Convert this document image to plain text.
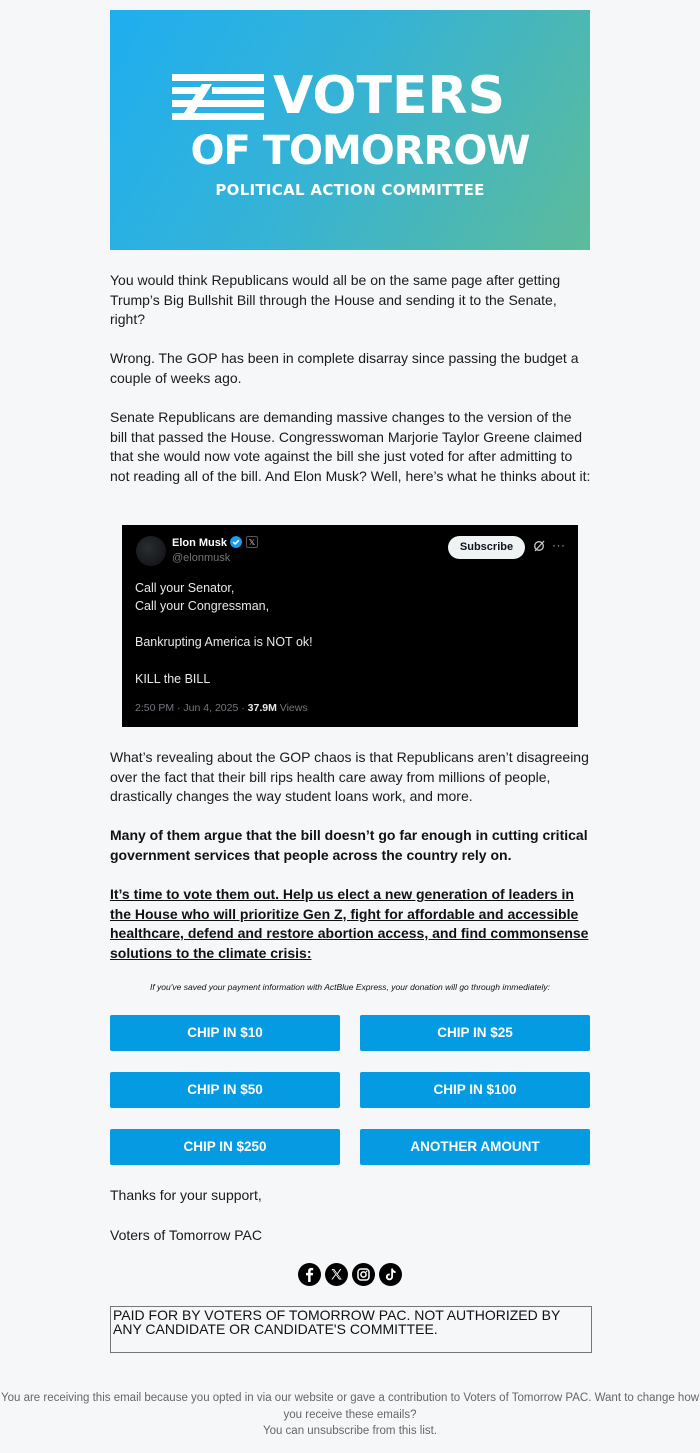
VOTERS
OF TOMORROW
POLITICAL ACTION COMMITTEE

You would think Republicans would all be on the same page after getting Trump’s Big Bullshit Bill through the House and sending it to the Senate, right?

Wrong. The GOP has been in complete disarray since passing the budget a couple of weeks ago.

Senate Republicans are demanding massive changes to the version of the bill that passed the House. Congresswoman Marjorie Taylor Greene claimed that she would now vote against the bill she just voted for after admitting to not reading all of the bill. And Elon Musk? Well, here’s what he thinks about it:

Elon Musk	𝕏
@elonmusk
Subscribe	···
Call your Senator,
Call your Congressman,
Bankrupting America is NOT ok!
KILL the BILL
2:50 PM · Jun 4, 2025 · 37.9M Views

What’s revealing about the GOP chaos is that Republicans aren’t disagreeing over the fact that their bill rips health care away from millions of people, drastically changes the way student loans work, and more.

Many of them argue that the bill doesn’t go far enough in cutting critical government services that people across the country rely on.

It’s time to vote them out. Help us elect a new generation of leaders in the House who will prioritize Gen Z, fight for affordable and accessible healthcare, defend and restore abortion access, and find commonsense solutions to the climate crisis:

If you've saved your payment information with ActBlue Express, your donation will go through immediately:
CHIP IN $10	CHIP IN $25
CHIP IN $50	CHIP IN $100
CHIP IN $250	ANOTHER AMOUNT

Thanks for your support,

Voters of Tomorrow PAC

PAID FOR BY VOTERS OF TOMORROW PAC. NOT AUTHORIZED BY ANY CANDIDATE OR CANDIDATE'S COMMITTEE.
You are receiving this email because you opted in via our website or gave a contribution to Voters of Tomorrow PAC. Want to change how you receive these emails?
You can unsubscribe from this list.
